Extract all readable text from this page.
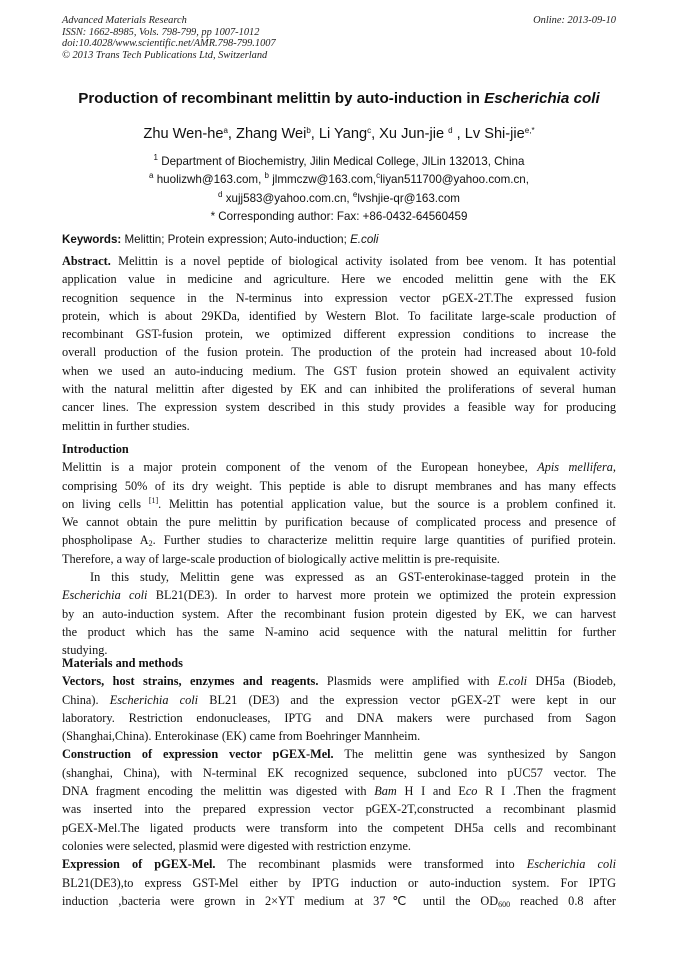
Advanced Materials Research
ISSN: 1662-8985, Vols. 798-799, pp 1007-1012
doi:10.4028/www.scientific.net/AMR.798-799.1007
© 2013 Trans Tech Publications Ltd, Switzerland
Online: 2013-09-10
Production of recombinant melittin by auto-induction in Escherichia coli
Zhu Wen-$he^a$, Zhang Wei$^b$, Li Yang$^c$, Xu Jun-jie $^d$ , Lv Shi-jie$^{e,*}$
$^1$ Department of Biochemistry, Jilin Medical College, JlLin 132013, China
$^a$ huolizwh@163.com, $^b$ jlmmczw@163.com,$^c$liyan511700@yahoo.com.cn,
$^d$ xujj583@yahoo.com.cn, $^e$lvshjie-qr@163.com
* Corresponding author: Fax: +86-0432-64560459
Keywords: Melittin; Protein expression; Auto-induction; E.coli
Abstract. Melittin is a novel peptide of biological activity isolated from bee venom. It has potential
application value in medicine and agriculture. Here we encoded melittin gene with the EK
recognition sequence in the N-terminus into expression vector pGEX-2T.The expressed fusion
protein, which is about 29KDa, identified by Western Blot. To facilitate large-scale production of
recombinant GST-fusion protein, we optimized different expression conditions to increase the
overall production of the fusion protein. The production of the protein had increased about 10-fold
when we used an auto-inducing medium. The GST fusion protein showed an equivalent activity
with the natural melittin after digested by EK and can inhibited the proliferations of several human
cancer lines. The expression system described in this study provides a feasible way for producing
melittin in further studies.
Introduction
Melittin is a major protein component of the venom of the European honeybee, Apis mellifera,
comprising 50% of its dry weight. This peptide is able to disrupt membranes and has many effects
on living cells [1]. Melittin has potential application value, but the source is a problem confined it.
We cannot obtain the pure melittin by purification because of complicated process and presence of
phospholipase $A_2$. Further studies to characterize melittin require large quantities of purified protein.
Therefore, a way of large-scale production of biologically active melittin is pre-requisite.
In this study, Melittin gene was expressed as an GST-enterokinase-tagged protein in the
Escherichia coli BL21(DE3). In order to harvest more protein we optimized the protein expression
by an auto-induction system. After the recombinant fusion protein digested by EK, we can harvest
the product which has the same N-amino acid sequence with the natural melittin for further
studying.
Materials and methods
Vectors, host strains, enzymes and reagents. Plasmids were amplified with E.coli DH5a (Biodeb,
China). Escherichia coli BL21 (DE3) and the expression vector pGEX-2T were kept in our
laboratory. Restriction endonucleases, IPTG and DNA makers were purchased from Sagon
(Shanghai,China). Enterokinase (EK) came from Boehringer Mannheim.
Construction of expression vector pGEX-Mel. The melittin gene was synthesized by Sangon
(shanghai, China), with N-terminal EK recognized sequence, subcloned into pUC57 vector. The
DNA fragment encoding the melittin was digested with Bam H I and Eco R I .Then the fragment
was inserted into the prepared expression vector pGEX-2T,constructed a recombinant plasmid
pGEX-Mel.The ligated products were transform into the competent DH5a cells and recombinant
colonies were selected, plasmid were digested with restriction enzyme.
Expression of pGEX-Mel. The recombinant plasmids were transformed into Escherichia coli
BL21(DE3),to express GST-Mel either by IPTG induction or auto-induction system. For IPTG
induction ,bacteria were grown in 2×YT medium at 37℃ until the $OD_{600}$ reached 0.8 after
